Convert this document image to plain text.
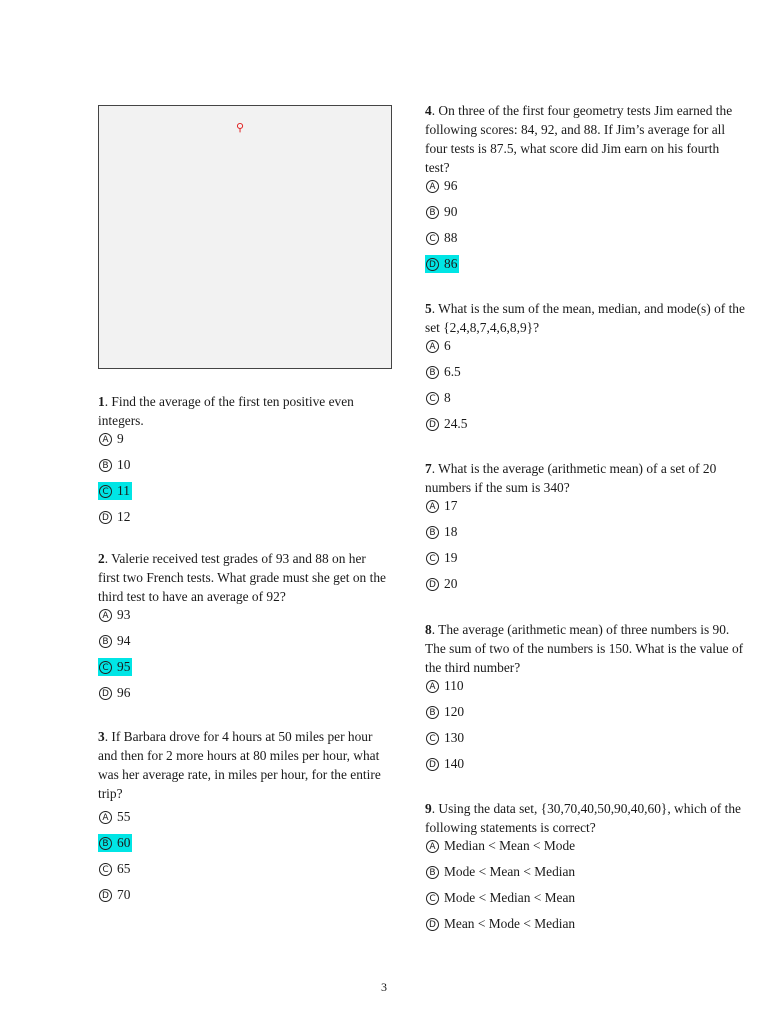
⚲

1. Find the average of the first ten positive even integers.

A 9
B 10
C 11
D 12

2. Valerie received test grades of 93 and 88 on her first two French tests. What grade must she get on the third test to have an average of 92?

A 93
B 94
C 95
D 96

3. If Barbara drove for 4 hours at 50 miles per hour and then for 2 more hours at 80 miles per hour, what was her average rate, in miles per hour, for the entire trip?

A 55
B 60
C 65
D 70

4. On three of the first four geometry tests Jim earned the following scores: 84, 92, and 88. If Jim’s average for all four tests is 87.5, what score did Jim earn on his fourth test?

A 96
B 90
C 88
D 86

5. What is the sum of the mean, median, and mode(s) of the set {2,4,8,7,4,6,8,9}?

A 6
B 6.5
C 8
D 24.5

7. What is the average (arithmetic mean) of a set of 20 numbers if the sum is 340?

A 17
B 18
C 19
D 20

8. The average (arithmetic mean) of three numbers is 90. The sum of two of the numbers is 150. What is the value of the third number?

A 110
B 120
C 130
D 140

9. Using the data set, {30,70,40,50,90,40,60}, which of the following statements is correct?

A Median < Mean < Mode
B Mode < Mean < Median
C Mode < Median < Mean
D Mean < Mode < Median
3
